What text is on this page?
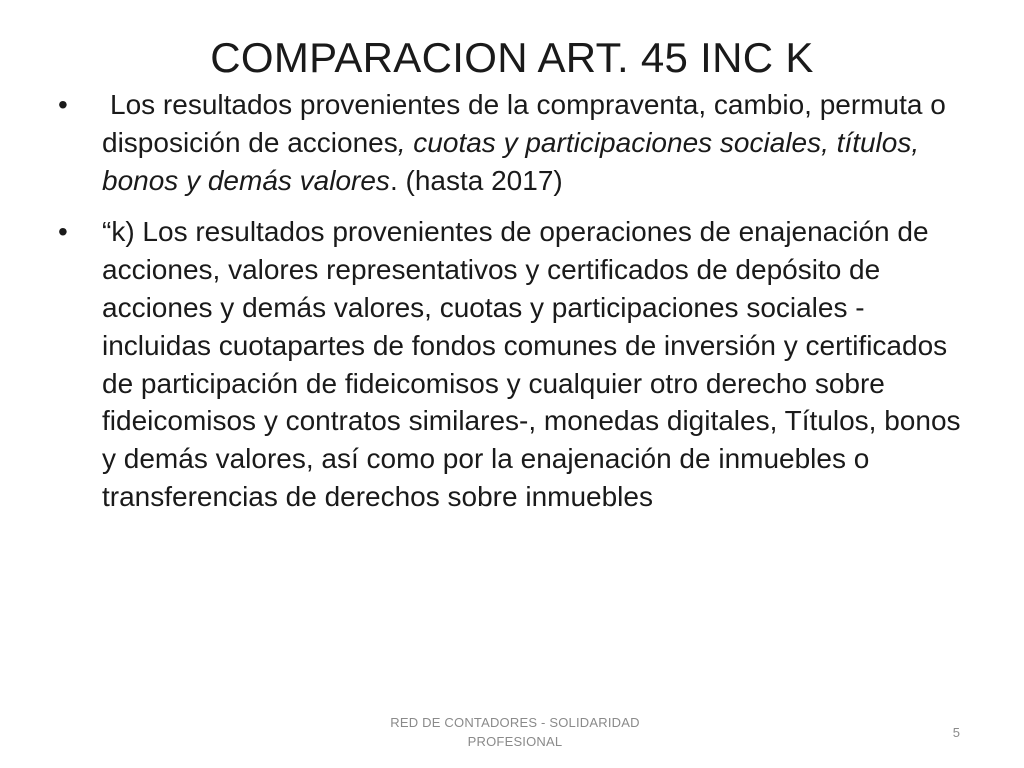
COMPARACION ART. 45 INC K
• Los resultados provenientes de la compraventa, cambio, permuta o disposición de acciones, cuotas y participaciones sociales, títulos, bonos y demás valores. (hasta 2017)
• “k) Los resultados provenientes de operaciones de enajenación de acciones, valores representativos y certificados de depósito de acciones y demás valores, cuotas y participaciones sociales -incluidas cuotapartes de fondos comunes de inversión y certificados de participación de fideicomisos y cualquier otro derecho sobre fideicomisos y contratos similares-, monedas digitales, Títulos, bonos y demás valores, así como por la enajenación de inmuebles o transferencias de derechos sobre inmuebles
RED DE CONTADORES - SOLIDARIDAD PROFESIONAL
5
